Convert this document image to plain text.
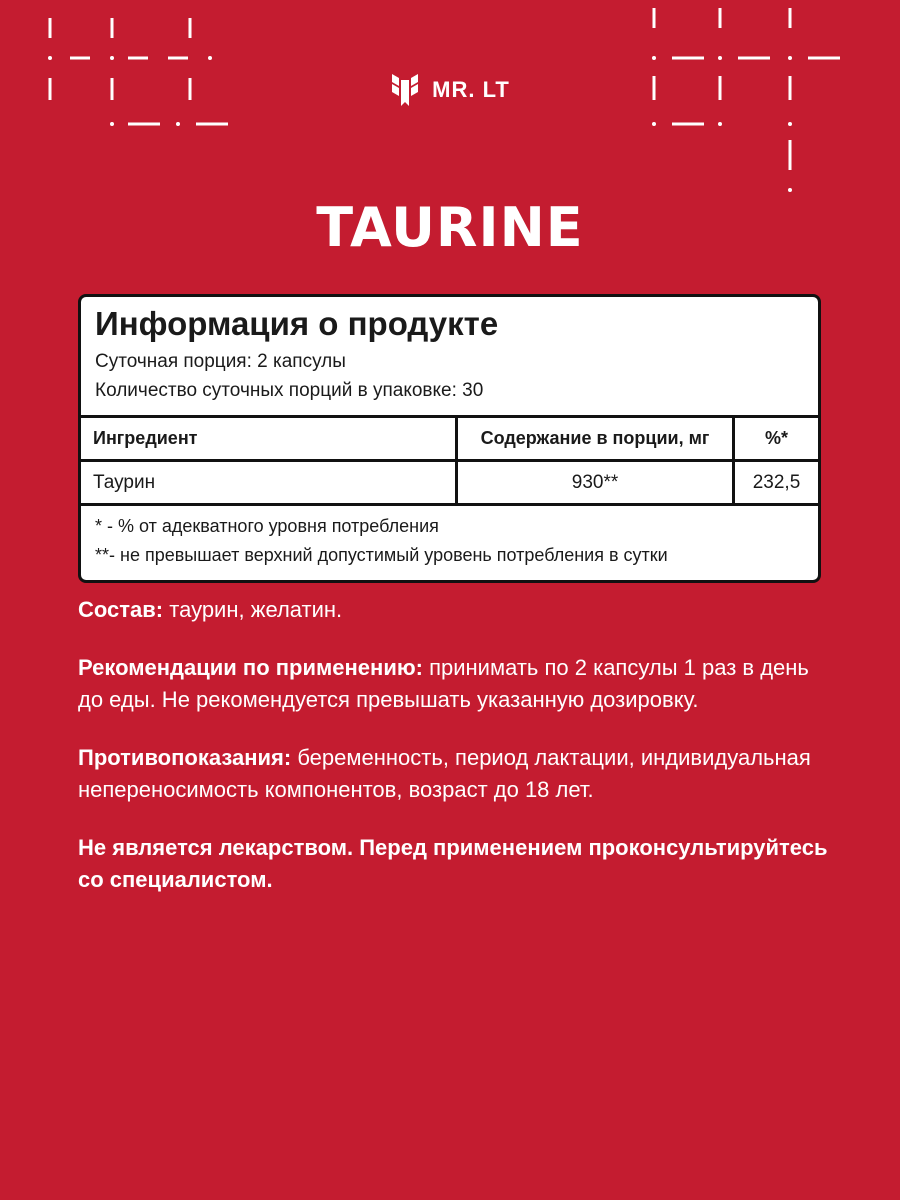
MR. LT
TAURINE
Информация о продукте
Суточная порция: 2 капсулы
Количество суточных порций в упаковке: 30
Ингредиент	Содержание в порции, мг	%*
Таурин	930**	232,5
* - % от адекватного уровня потребления
**- не превышает верхний допустимый уровень потребления в сутки

Состав: таурин, желатин.

Рекомендации по применению: принимать по 2 капсулы 1 раз в день до еды. Не рекомендуется превышать указанную дозировку.

Противопоказания: беременность, период лактации, индивидуальная непереносимость компонентов, возраст до 18 лет.

Не является лекарством. Перед применением проконсультируйтесь со специалистом.
